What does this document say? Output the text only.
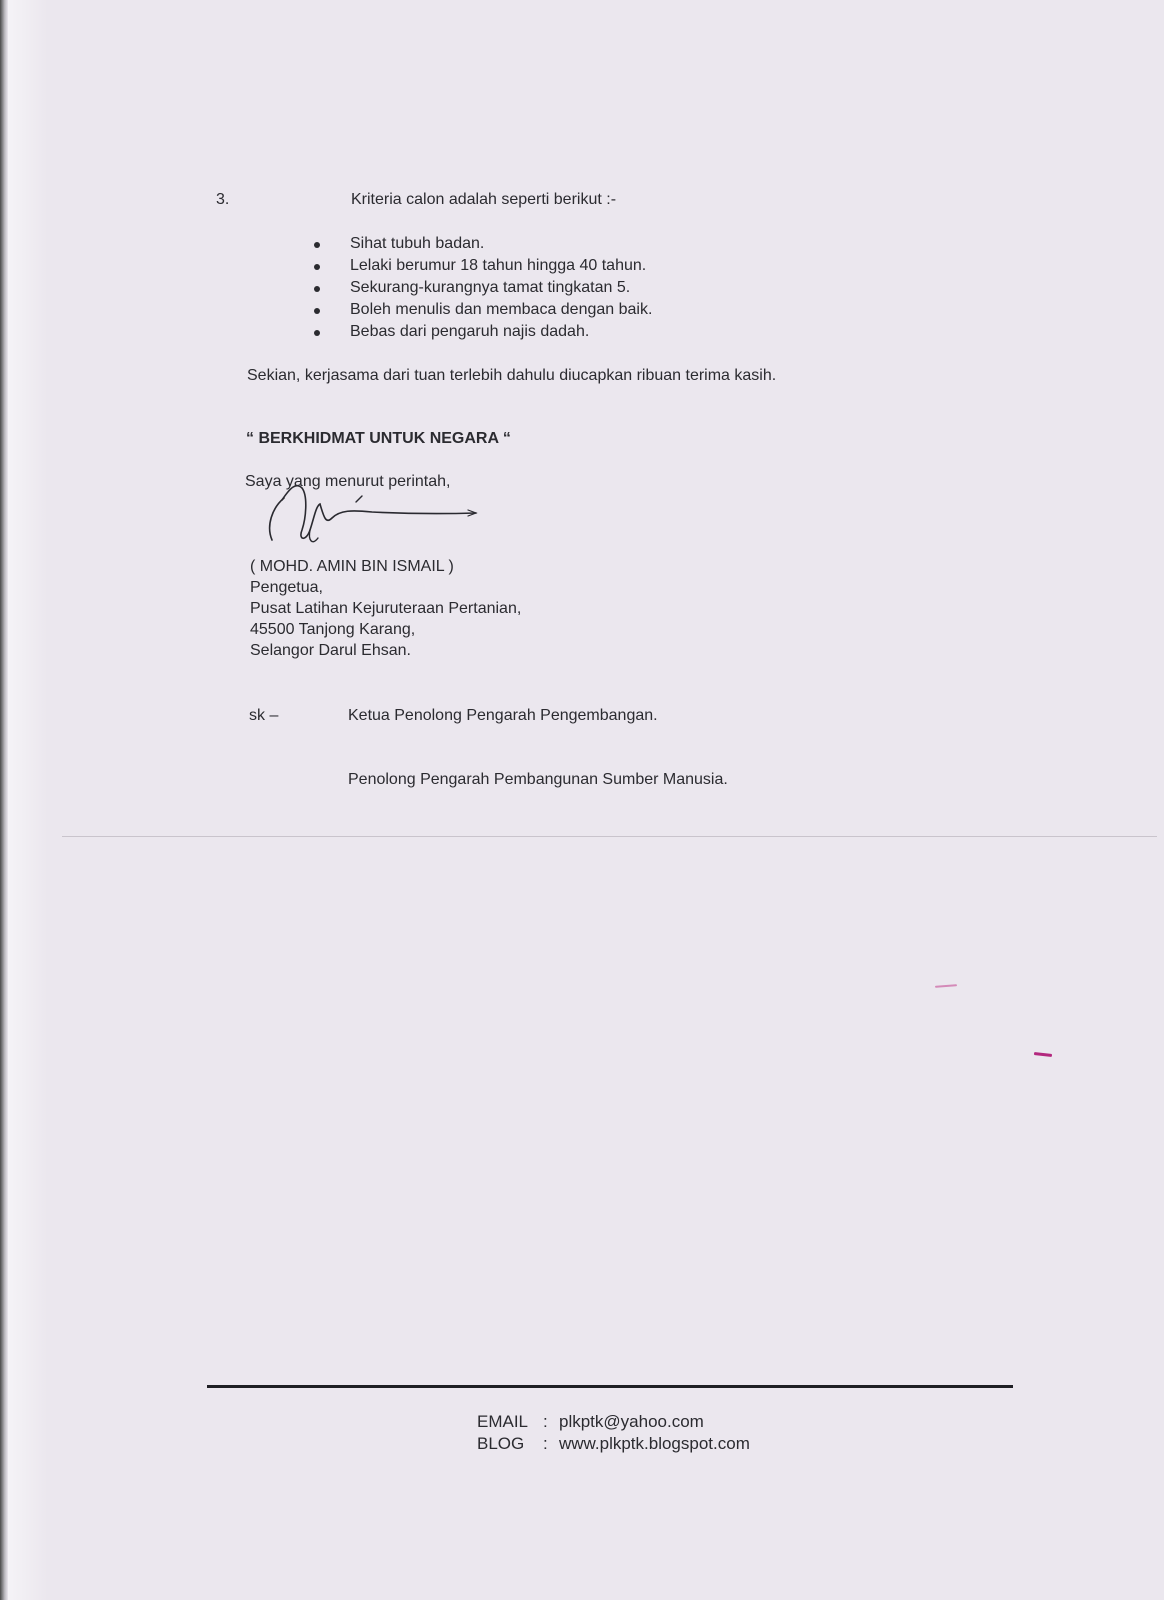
3.	Kriteria calon adalah seperti berikut :-
Sihat tubuh badan.
Lelaki berumur 18 tahun hingga 40 tahun.
Sekurang-kurangnya tamat tingkatan 5.
Boleh menulis dan membaca dengan baik.
Bebas dari pengaruh najis dadah.
Sekian, kerjasama dari tuan terlebih dahulu diucapkan ribuan terima kasih.
“ BERKHIDMAT UNTUK NEGARA “
Saya yang menurut perintah,
( MOHD. AMIN BIN ISMAIL )
Pengetua,
Pusat Latihan Kejuruteraan Pertanian,
45500 Tanjong Karang,
Selangor Darul Ehsan.
sk –	Ketua Penolong Pengarah Pengembangan.
Penolong Pengarah Pembangunan Sumber Manusia.
EMAIL : plkptk@yahoo.com
BLOG : www.plkptk.blogspot.com
